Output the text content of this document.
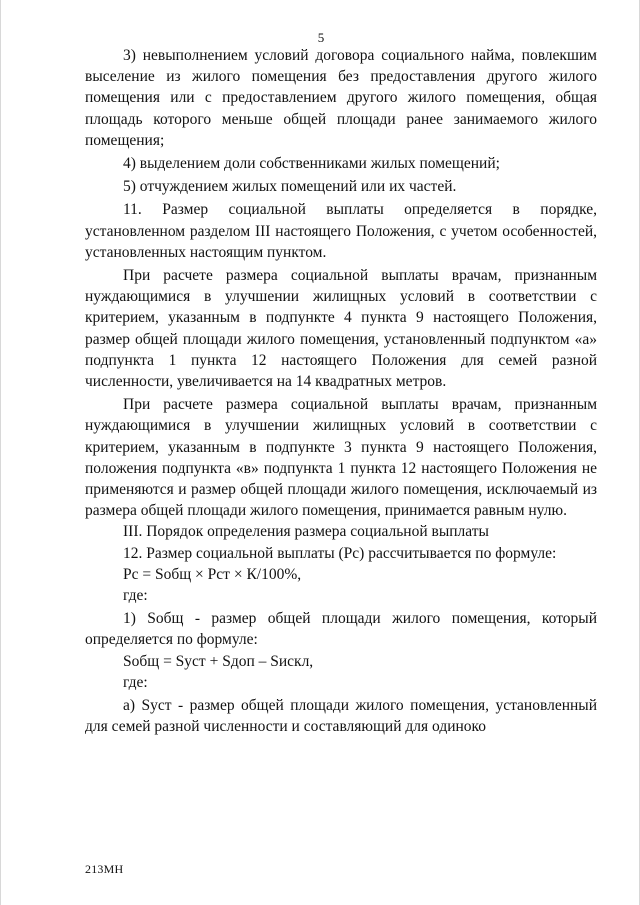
5

3) невыполнением условий договора социального найма, повлекшим выселение из жилого помещения без предоставления другого жилого помещения или с предоставлением другого жилого помещения, общая площадь которого меньше общей площади ранее занимаемого жилого помещения;

4) выделением доли собственниками жилых помещений;

5) отчуждением жилых помещений или их частей.

11. Размер социальной выплаты определяется в порядке, установленном разделом III настоящего Положения, с учетом особенностей, установленных настоящим пунктом.

При расчете размера социальной выплаты врачам, признанным нуждающимися в улучшении жилищных условий в соответствии с критерием, указанным в подпункте 4 пункта 9 настоящего Положения, размер общей площади жилого помещения, установленный подпунктом «а» подпункта 1 пункта 12 настоящего Положения для семей разной численности, увеличивается на 14 квадратных метров.

При расчете размера социальной выплаты врачам, признанным нуждающимися в улучшении жилищных условий в соответствии с критерием, указанным в подпункте 3 пункта 9 настоящего Положения, положения подпункта «в» подпункта 1 пункта 12 настоящего Положения не применяются и размер общей площади жилого помещения, исключаемый из размера общей площади жилого помещения, принимается равным нулю.

III. Порядок определения размера социальной выплаты

12. Размер социальной выплаты (Рс) рассчитывается по формуле:

Рс = Sобщ × Рст × К/100%,

где:

1) Sобщ - размер общей площади жилого помещения, который определяется по формуле:

Sобщ = Sуст + Sдоп – Sискл,

где:

а) Sуст - размер общей площади жилого помещения, установленный для семей разной численности и составляющий для одиноко

213МН
